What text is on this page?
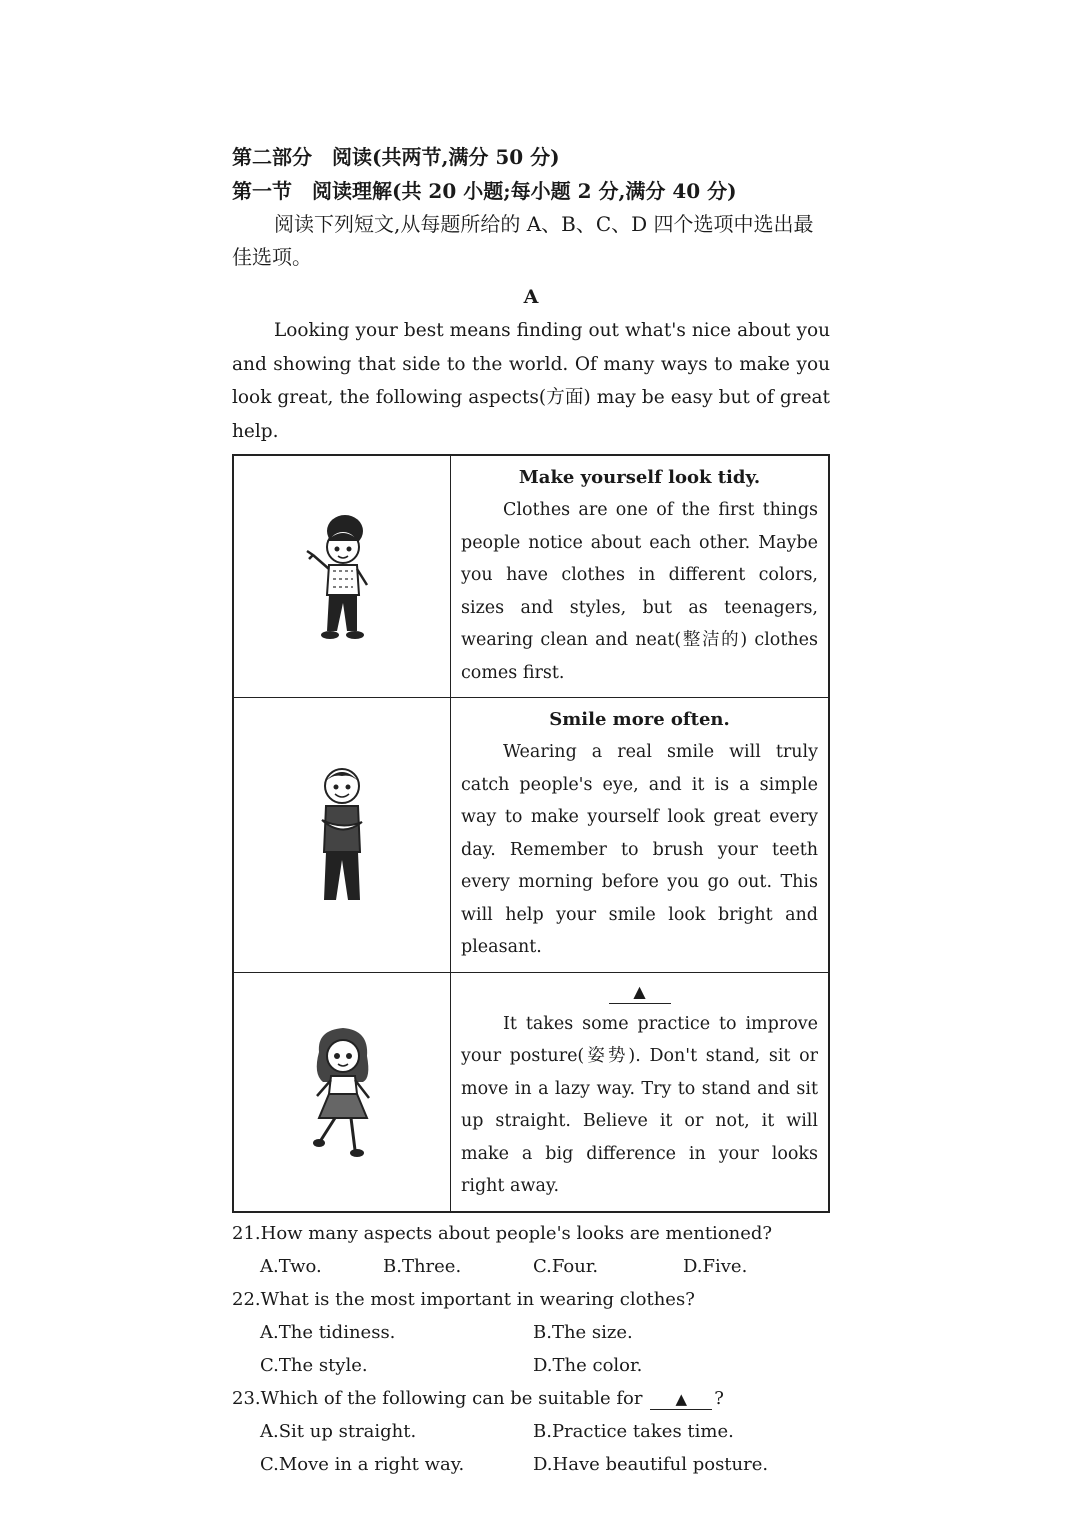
第二部分　阅读(共两节,满分 50 分)

第一节　阅读理解(共 20 小题;每小题 2 分,满分 40 分)

阅读下列短文,从每题所给的 A、B、C、D 四个选项中选出最佳选项。

A

Looking your best means finding out what's nice about you and showing that side to the world. Of many ways to make you look great, the following aspects(方面) may be easy but of great help.

Make yourself look tidy.

Clothes are one of the first things people notice about each other. Maybe you have clothes in different colors, sizes and styles, but as teenagers, wearing clean and neat(整洁的) clothes comes first.

Smile more often.

Wearing a real smile will truly catch people's eye, and it is a simple way to make yourself look great every day. Remember to brush your teeth every morning before you go out. This will help your smile look bright and pleasant.

▲

It takes some practice to improve your posture(姿势). Don't stand, sit or move in a lazy way. Try to stand and sit up straight. Believe it or not, it will make a big difference in your looks right away.

21.How many aspects about people's looks are mentioned?

A.Two.	B.Three.	C.Four.	D.Five.

22.What is the most important in wearing clothes?

A.The tidiness.	B.The size.
C.The style.	D.The color.

23.Which of the following can be suitable for ▲ ?

A.Sit up straight.	B.Practice takes time.
C.Move in a right way.	D.Have beautiful posture.
